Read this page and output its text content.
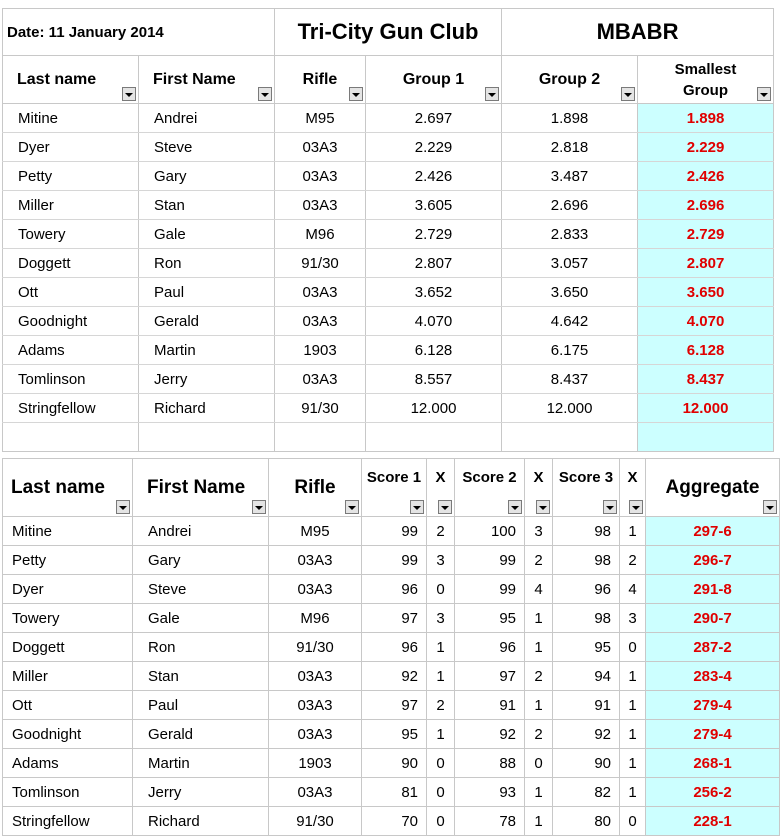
Date: 11 January 2014		Tri-City Gun Club		MBABR	
Last name	First Name	Rifle	Group 1	Group 2	Smallest
Group

Mitine	Andrei	M95	2.697	1.898	1.898
Dyer	Steve	03A3	2.229	2.818	2.229
Petty	Gary	03A3	2.426	3.487	2.426
Miller	Stan	03A3	3.605	2.696	2.696
Towery	Gale	M96	2.729	2.833	2.729
Doggett	Ron	91/30	2.807	3.057	2.807
Ott	Paul	03A3	3.652	3.650	3.650
Goodnight	Gerald	03A3	4.070	4.642	4.070
Adams	Martin	1903	6.128	6.175	6.128
Tomlinson	Jerry	03A3	8.557	8.437	8.437
Stringfellow	Richard	91/30	12.000	12.000	12.000

Last name	First Name	Rifle	Score 1	X	Score 2	X	Score 3	X	Aggregate

Mitine	Andrei	M95	99	2	100	3	98	1	297-6
Petty	Gary	03A3	99	3	99	2	98	2	296-7
Dyer	Steve	03A3	96	0	99	4	96	4	291-8
Towery	Gale	M96	97	3	95	1	98	3	290-7
Doggett	Ron	91/30	96	1	96	1	95	0	287-2
Miller	Stan	03A3	92	1	97	2	94	1	283-4
Ott	Paul	03A3	97	2	91	1	91	1	279-4
Goodnight	Gerald	03A3	95	1	92	2	92	1	279-4
Adams	Martin	1903	90	0	88	0	90	1	268-1
Tomlinson	Jerry	03A3	81	0	93	1	82	1	256-2
Stringfellow	Richard	91/30	70	0	78	1	80	0	228-1
